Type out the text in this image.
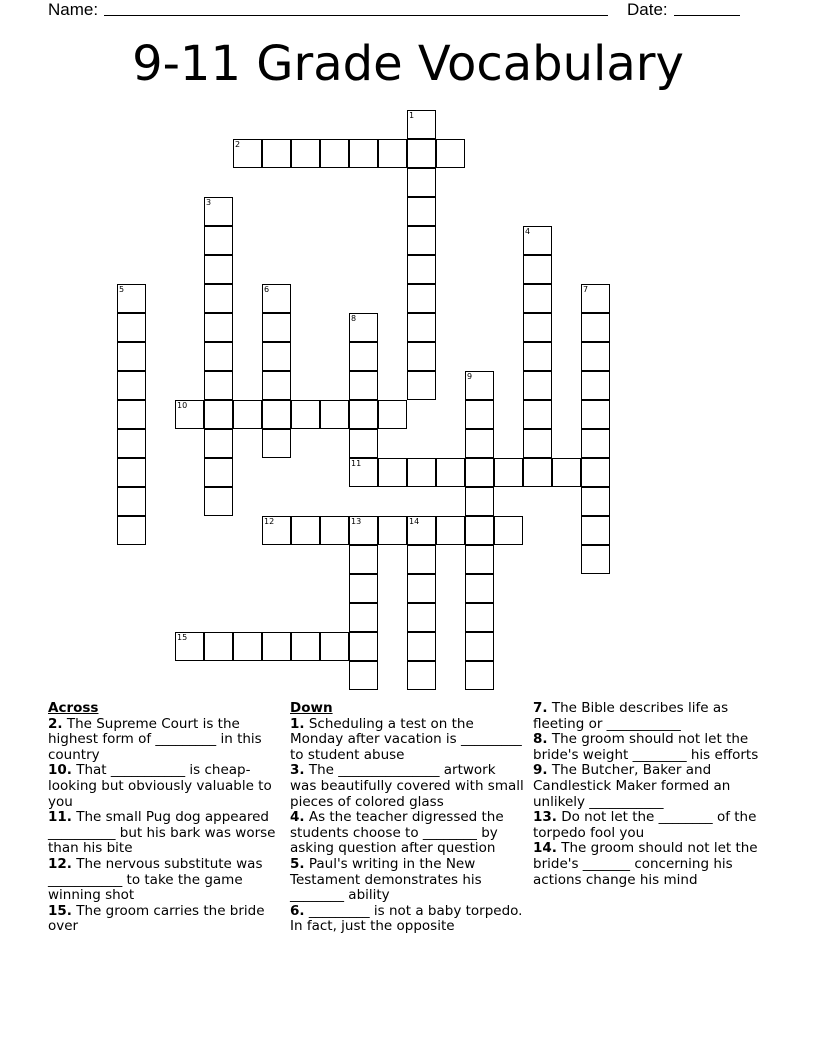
Name:	Date:
9-11 Grade Vocabulary
1
2
3
4
5	6	7
8
11
9
10
12	13	14
15
Across

2. The Supreme Court is the highest form of _________ in this country

10. That ___________ is cheap-looking but obviously valuable to you

11. The small Pug dog appeared __________ but his bark was worse than his bite

12. The nervous substitute was ___________ to take the game winning shot

15. The groom carries the bride over

Down

1. Scheduling a test on the Monday after vacation is _________ to student abuse

3. The _______________ artwork was beautifully covered with small pieces of colored glass

4. As the teacher digressed the students choose to ________ by asking question after question

5. Paul's writing in the New Testament demonstrates his ________ ability

6. _________ is not a baby torpedo. In fact, just the opposite

7. The Bible describes life as fleeting or ___________

8. The groom should not let the bride's weight ________ his efforts

9. The Butcher, Baker and Candlestick Maker formed an unlikely ___________

13. Do not let the ________ of the torpedo fool you

14. The groom should not let the bride's _______ concerning his actions change his mind
